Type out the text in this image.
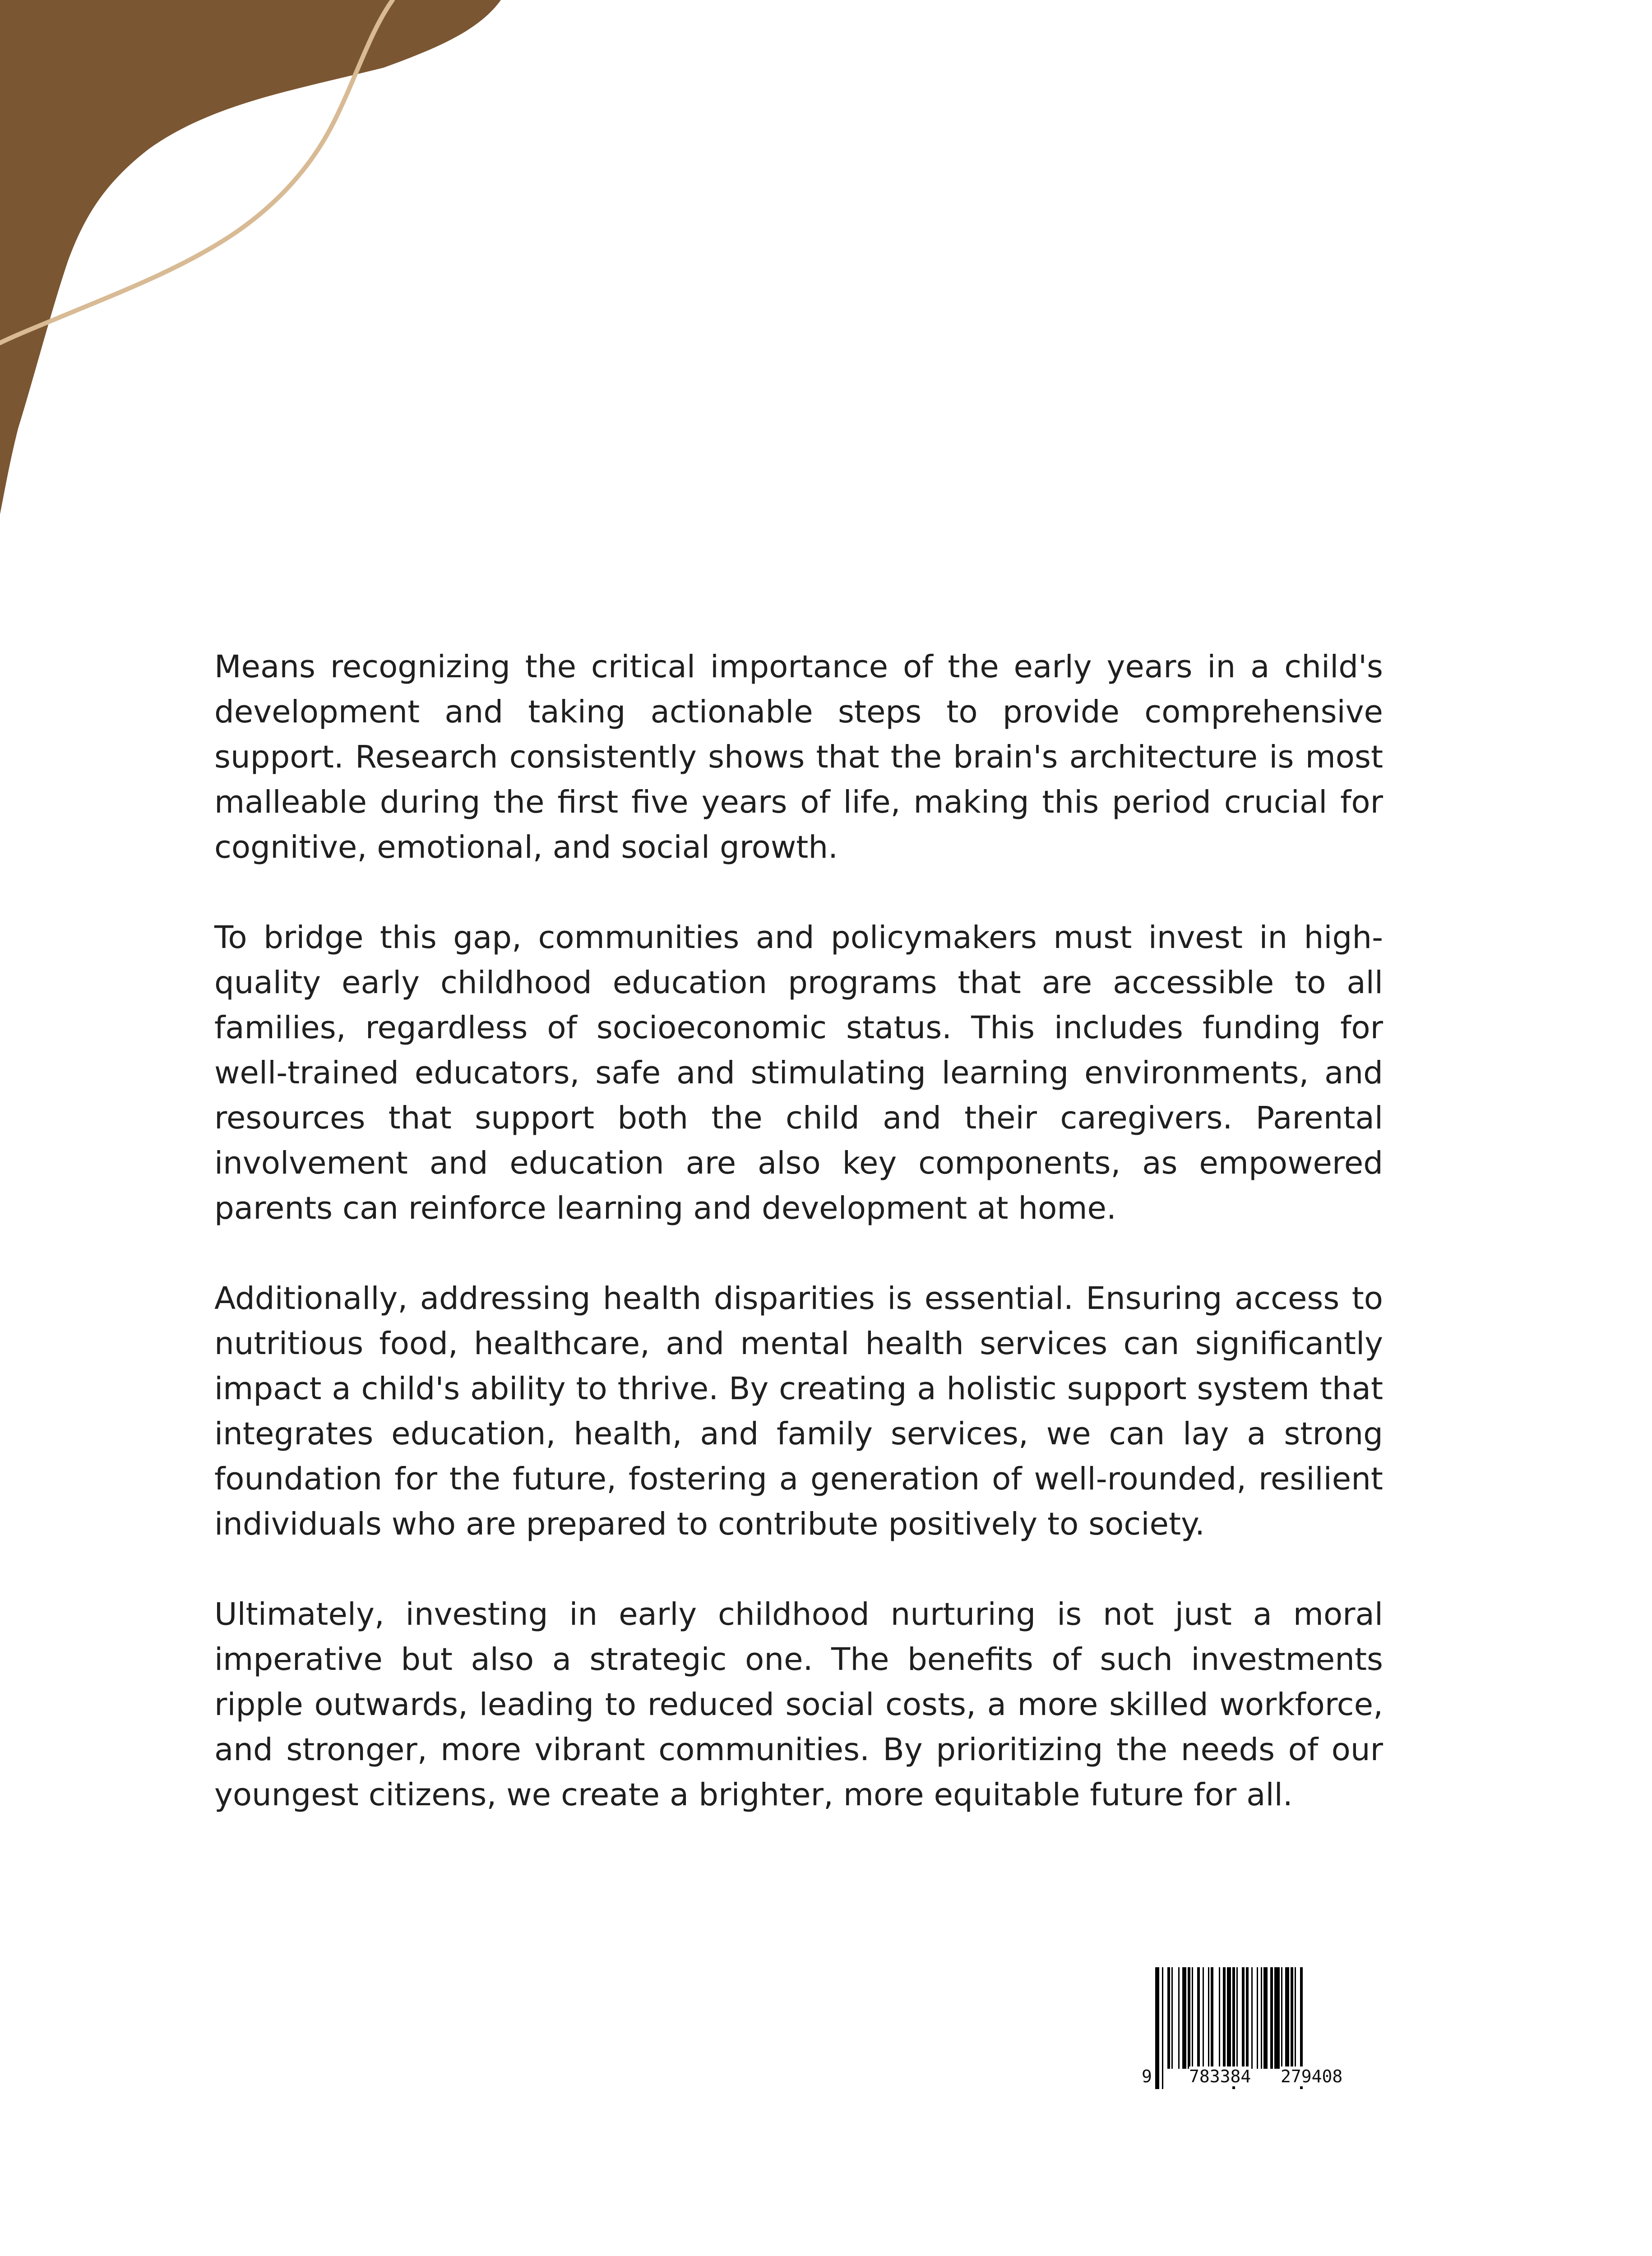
Means recognizing the critical importance of the early years in a child's development and taking actionable steps to provide comprehensive support. Research consistently shows that the brain's architecture is most malleable during the first five years of life, making this period crucial for cognitive, emotional, and social growth.

To bridge this gap, communities and policymakers must invest in high-quality early childhood education programs that are accessible to all families, regardless of socioeconomic status. This includes funding for well-trained educators, safe and stimulating learning environments, and resources that support both the child and their caregivers. Parental involvement and education are also key components, as empowered parents can reinforce learning and development at home.

Additionally, addressing health disparities is essential. Ensuring access to nutritious food, healthcare, and mental health services can significantly impact a child's ability to thrive. By creating a holistic support system that integrates education, health, and family services, we can lay a strong foundation for the future, fostering a generation of well-rounded, resilient individuals who are prepared to contribute positively to society.

Ultimately, investing in early childhood nurturing is not just a moral imperative but also a strategic one. The benefits of such investments ripple outwards, leading to reduced social costs, a more skilled workforce, and stronger, more vibrant communities. By prioritizing the needs of our youngest citizens, we create a brighter, more equitable future for all.

9 783384 279408
